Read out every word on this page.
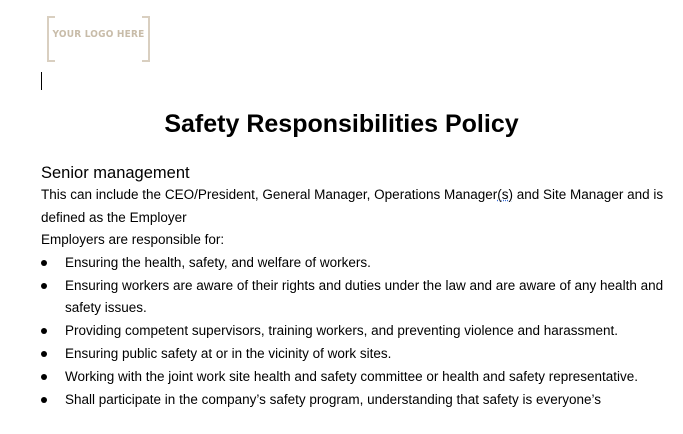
YOUR LOGO HERE
Safety Responsibilities Policy
Senior management

This can include the CEO/President, General Manager, Operations Manager(s) and Site Manager and is defined as the Employer

Employers are responsible for:

Ensuring the health, safety, and welfare of workers.
Ensuring workers are aware of their rights and duties under the law and are aware of any health and safety issues.
Providing competent supervisors, training workers, and preventing violence and harassment.
Ensuring public safety at or in the vicinity of work sites.
Working with the joint work site health and safety committee or health and safety representative.
Shall participate in the company’s safety program, understanding that safety is everyone’s
